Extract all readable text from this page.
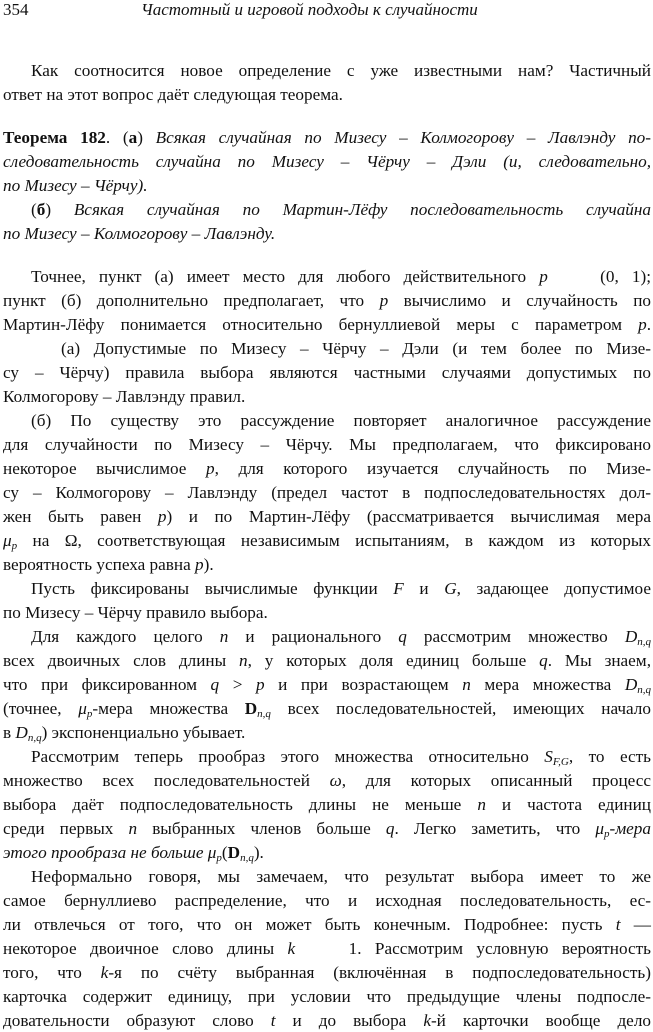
354	Частотный и игровой подходы к случайности
Как соотносится новое определение с уже известными нам? Частичный
ответ на этот вопрос даёт следующая теорема.
Теорема 182. (а) Всякая случайная по Мизесу – Колмогорову – Лавлэнду по-
следовательность случайна по Мизесу – Чёрчу – Дэли (и, следовательно,
по Мизесу – Чёрчу).
(б) Всякая случайная по Мартин-Лёфу последовательность случайна
по Мизесу – Колмогорову – Лавлэнду.
Точнее, пункт (а) имеет место для любого действительного p    (0, 1);
пункт (б) дополнительно предполагает, что p вычислимо и случайность по
Мартин-Лёфу понимается относительно бернуллиевой меры с параметром p.
(а) Допустимые по Мизесу – Чёрчу – Дэли (и тем более по Мизе-
су – Чёрчу) правила выбора являются частными случаями допустимых по
Колмогорову – Лавлэнду правил.
(б) По существу это рассуждение повторяет аналогичное рассуждение
для случайности по Мизесу – Чёрчу. Мы предполагаем, что фиксировано
некоторое вычислимое p, для которого изучается случайность по Мизе-
су – Колмогорову – Лавлэнду (предел частот в подпоследовательностях дол-
жен быть равен p) и по Мартин-Лёфу (рассматривается вычислимая мера
$\mu_p$ на Ω, соответствующая независимым испытаниям, в каждом из которых
вероятность успеха равна p).
Пусть фиксированы вычислимые функции F и G, задающее допустимое
по Мизесу – Чёрчу правило выбора.
Для каждого целого n и рационального q рассмотрим множество $D_{n,q}$
всех двоичных слов длины n, у которых доля единиц больше q. Мы знаем,
что при фиксированном q > p и при возрастающем n мера множества $D_{n,q}$
(точнее, $\mu_p$-мера множества $D_{n,q}$ всех последовательностей, имеющих начало
в $D_{n,q}$) экспоненциально убывает.
Рассмотрим теперь прообраз этого множества относительно $S_{F,G}$, то есть
множество всех последовательностей ω, для которых описанный процесс
выбора даёт подпоследовательность длины не меньше n и частота единиц
среди первых n выбранных членов больше q. Легко заметить, что $\mu_p$-мера
этого прообраза не больше $\mu_p(D_{n,q})$.
Неформально говоря, мы замечаем, что результат выбора имеет то же
самое бернуллиево распределение, что и исходная последовательность, ес-
ли отвлечься от того, что он может быть конечным. Подробнее: пусть t —
некоторое двоичное слово длины k    1. Рассмотрим условную вероятность
того, что k-я по счёту выбранная (включённая в подпоследовательность)
карточка содержит единицу, при условии что предыдущие члены подпосле-
довательности образуют слово t и до выбора k-й карточки вообще дело
